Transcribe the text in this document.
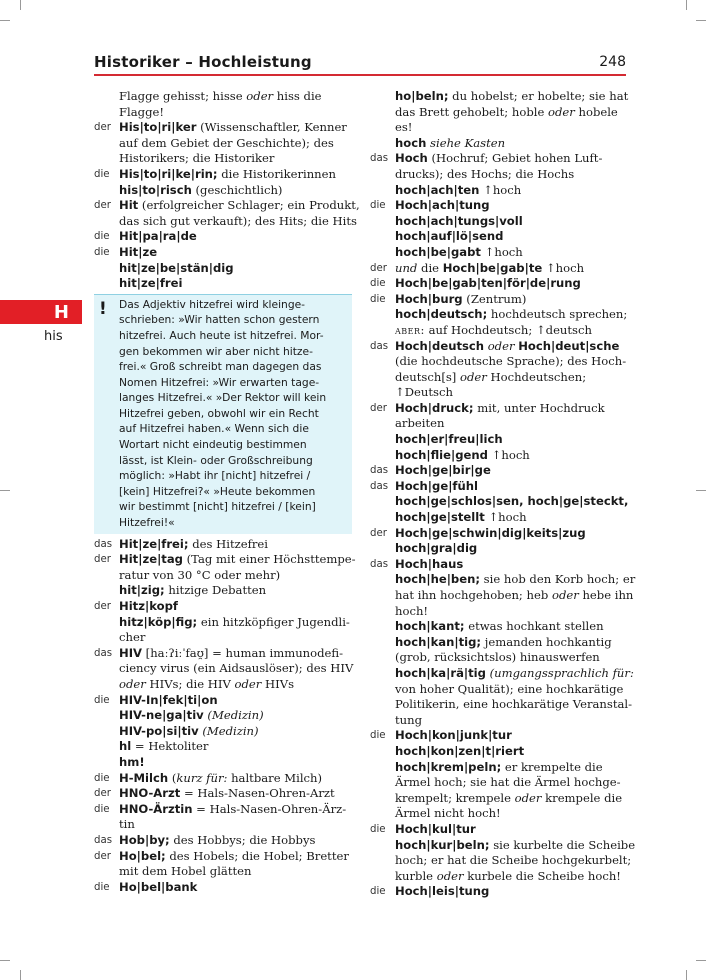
Historiker – Hochleistung	248
H
his
Flagge gehisst; hisse oder hiss die
Flagge!
der His|to|ri|ker (Wissenschaftler, Kenner
auf dem Gebiet der Geschichte); des
Historikers; die Historiker
die His|to|ri|ke|rin; die Historikerinnen
his|to|risch (geschichtlich)
der Hit (erfolgreicher Schlager; ein Produkt,
das sich gut verkauft); des Hits; die Hits
die Hit|pa|ra|de
die Hit|ze
hit|ze|be|stän|dig
hit|ze|frei
!	Das Adjektiv hitzefrei wird kleinge-
schrieben: »Wir hatten schon gestern
hitzefrei. Auch heute ist hitzefrei. Mor-
gen bekommen wir aber nicht hitze-
frei.« Groß schreibt man dagegen das
Nomen Hitzefrei: »Wir erwarten tage-
langes Hitzefrei.« »Der Rektor will kein
Hitzefrei geben, obwohl wir ein Recht
auf Hitzefrei haben.« Wenn sich die
Wortart nicht eindeutig bestimmen
lässt, ist Klein- oder Großschreibung
möglich: »Habt ihr [nicht] hitzefrei /
[kein] Hitzefrei?« »Heute bekommen
wir bestimmt [nicht] hitzefrei / [kein]
Hitzefrei!«
das Hit|ze|frei; des Hitzefrei
der Hit|ze|tag (Tag mit einer Höchsttempe-
ratur von 30 °C oder mehr)
hit|zig; hitzige Debatten
der Hitz|kopf
hitz|köp|fig; ein hitzköpfiger Jugendli-
cher
das HIV [haːʔiːˈfaʊ̯] = human immunodefi-
ciency virus (ein Aidsauslöser); des HIV
oder HIVs; die HIV oder HIVs
die HIV-In|fek|ti|on
HIV-ne|ga|tiv (Medizin)
HIV-po|si|tiv (Medizin)
hl = Hektoliter
hm!
die H-Milch (kurz für: haltbare Milch)
der HNO-Arzt = Hals-Nasen-Ohren-Arzt
die HNO-Ärztin = Hals-Nasen-Ohren-Ärz-
tin
das Hob|by; des Hobbys; die Hobbys
der Ho|bel; des Hobels; die Hobel; Bretter
mit dem Hobel glätten
die Ho|bel|bank
ho|beln; du hobelst; er hobelte; sie hat
das Brett gehobelt; hoble oder hobele
es!
hoch siehe Kasten
das Hoch (Hochruf; Gebiet hohen Luft-
drucks); des Hochs; die Hochs
hoch|ach|ten ↑hoch
die Hoch|ach|tung
hoch|ach|tungs|voll
hoch|auf|lö|send
hoch|be|gabt ↑hoch
der und die Hoch|be|gab|te ↑hoch
die Hoch|be|gab|ten|för|de|rung
die Hoch|burg (Zentrum)
hoch|deutsch; hochdeutsch sprechen;
aber: auf Hochdeutsch; ↑deutsch
das Hoch|deutsch oder Hoch|deut|sche
(die hochdeutsche Sprache); des Hoch-
deutsch[s] oder Hochdeutschen;
↑Deutsch
der Hoch|druck; mit, unter Hochdruck
arbeiten
hoch|er|freu|lich
hoch|flie|gend ↑hoch
das Hoch|ge|bir|ge
das Hoch|ge|fühl
hoch|ge|schlos|sen, hoch|ge|steckt,
hoch|ge|stellt ↑hoch
der Hoch|ge|schwin|dig|keits|zug
hoch|gra|dig
das Hoch|haus
hoch|he|ben; sie hob den Korb hoch; er
hat ihn hochgehoben; heb oder hebe ihn
hoch!
hoch|kant; etwas hochkant stellen
hoch|kan|tig; jemanden hochkantig
(grob, rücksichtslos) hinauswerfen
hoch|ka|rä|tig (umgangssprachlich für:
von hoher Qualität); eine hochkarätige
Politikerin, eine hochkarätige Veranstal-
tung
die Hoch|kon|junk|tur
hoch|kon|zen|t|riert
hoch|krem|peln; er krempelte die
Ärmel hoch; sie hat die Ärmel hochge-
krempelt; krempele oder krempele die
Ärmel nicht hoch!
die Hoch|kul|tur
hoch|kur|beln; sie kurbelte die Scheibe
hoch; er hat die Scheibe hochgekurbelt;
kurble oder kurbele die Scheibe hoch!
die Hoch|leis|tung
